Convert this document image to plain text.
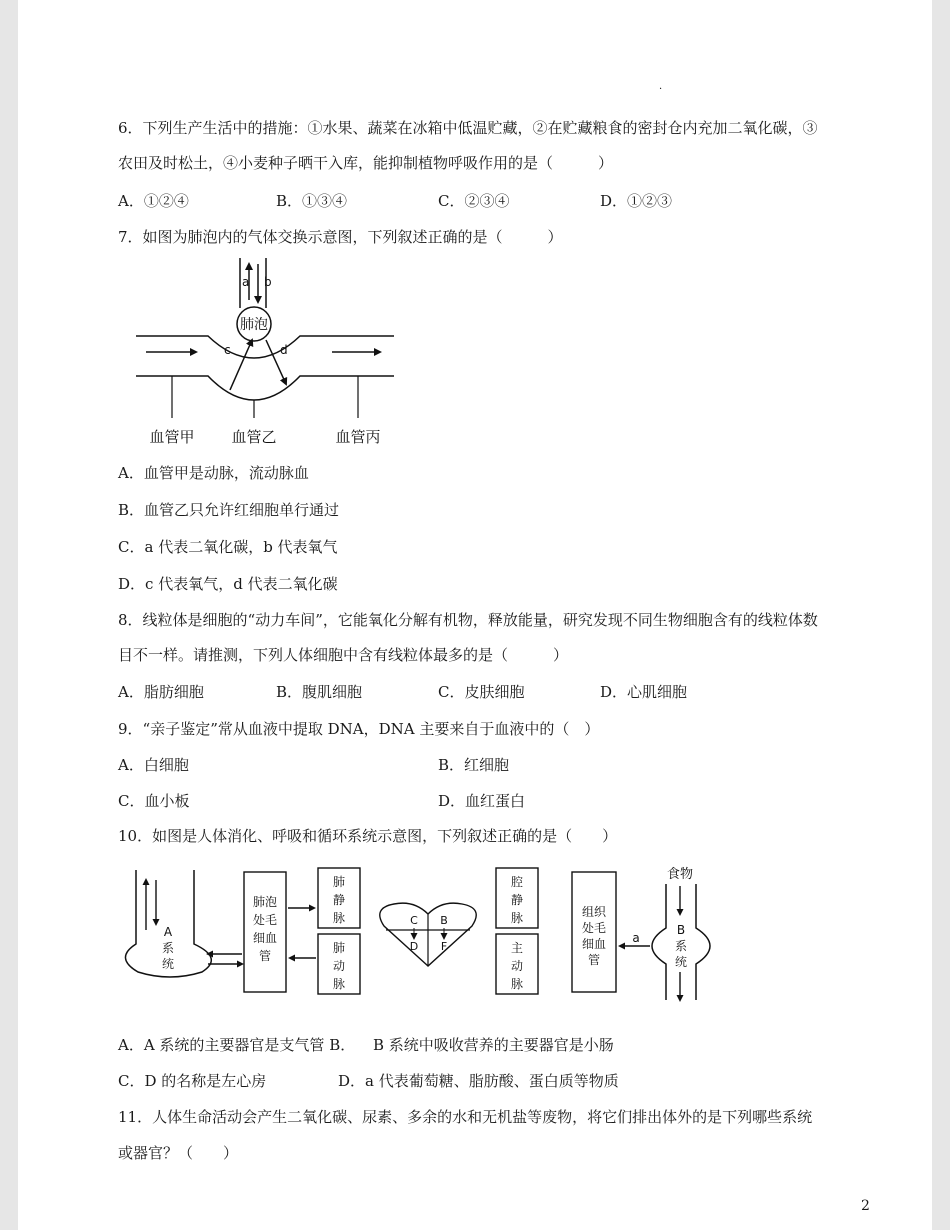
·
6．下列生产生活中的措施：①水果、蔬菜在冰箱中低温贮藏，②在贮藏粮食的密封仓内充加二氧化碳，③
农田及时松土，④小麦种子晒干入库，能抑制植物呼吸作用的是（　　　）
A．①②④	B．①③④	C．②③④	D．①②③
7．如图为肺泡内的气体交换示意图，下列叙述正确的是（　　　）
a b
肺泡
c	d
血管甲 血管乙	血管丙
A．血管甲是动脉，流动脉血
B．血管乙只允许红细胞单行通过
C．a 代表二氧化碳，b 代表氧气
D．c 代表氧气，d 代表二氧化碳
8．线粒体是细胞的“动力车间”，它能氧化分解有机物，释放能量，研究发现不同生物细胞含有的线粒体数
目不一样。请推测，下列人体细胞中含有线粒体最多的是（　　　）
A．脂肪细胞	B．腹肌细胞	C．皮肤细胞	D．心肌细胞
9．“亲子鉴定”常从血液中提取 DNA，DNA 主要来自于血液中的（　）
A．白细胞	B．红细胞
C．血小板	D．血红蛋白
10．如图是人体消化、呼吸和循环系统示意图，下列叙述正确的是（　　）
A
系
统
肺泡
处毛
细血
管
肺
静
脉
肺
动
脉
C B
D F
腔
静
脉
主
动
脉
组织
处毛
细血
管
a
食物
B
系
统
A．A 系统的主要器官是支气管 B． B 系统中吸收营养的主要器官是小肠
C．D 的名称是左心房	D．a 代表葡萄糖、脂肪酸、蛋白质等物质
11．人体生命活动会产生二氧化碳、尿素、多余的水和无机盐等废物，将它们排出体外的是下列哪些系统
或器官？（　　）
2
